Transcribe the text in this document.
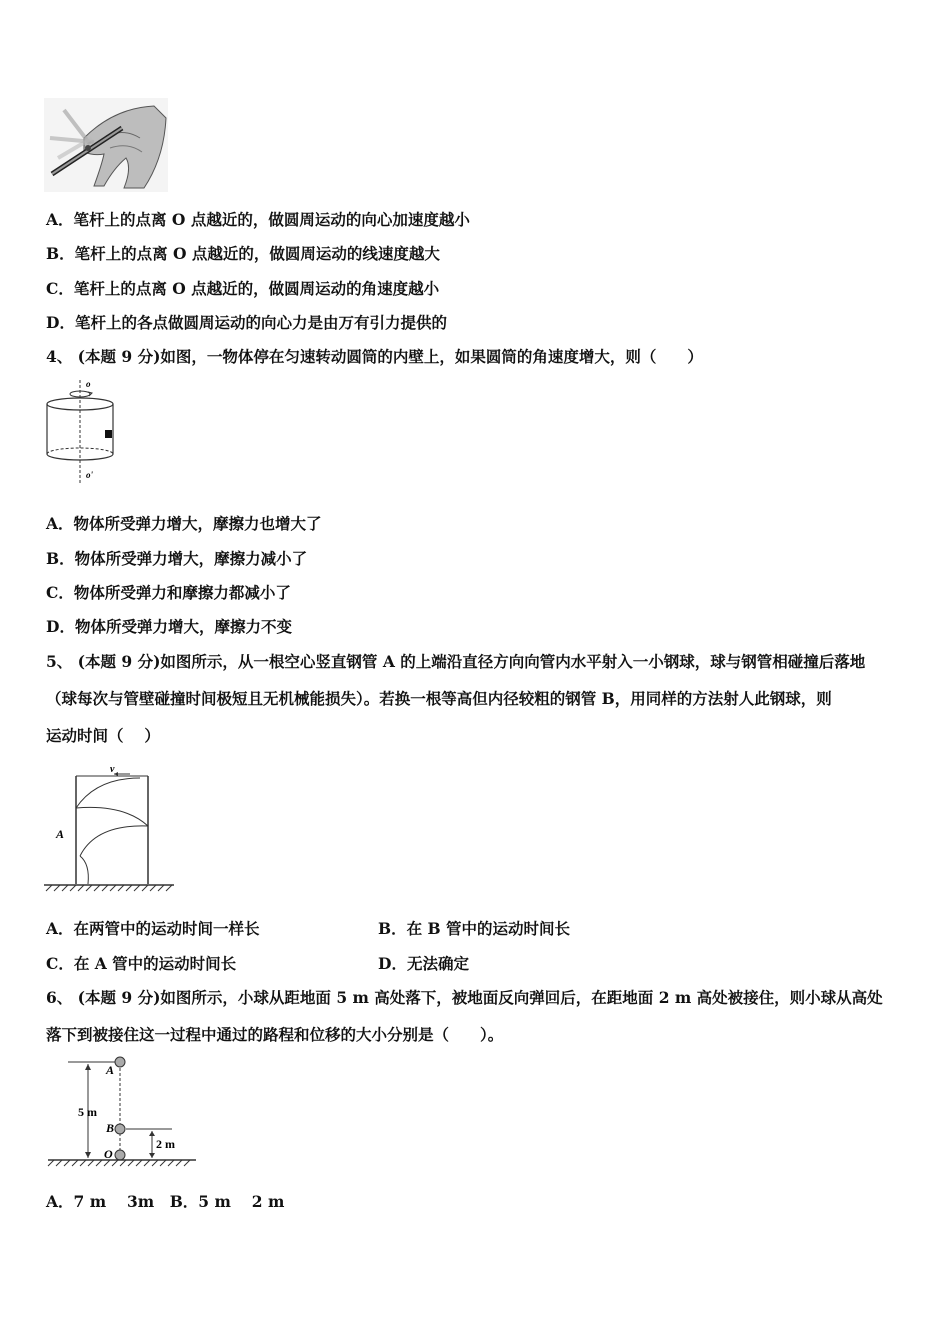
A．笔杆上的点离 O 点越近的，做圆周运动的向心加速度越小
B．笔杆上的点离 O 点越近的，做圆周运动的线速度越大
C．笔杆上的点离 O 点越近的，做圆周运动的角速度越小
D．笔杆上的各点做圆周运动的向心力是由万有引力提供的
4、 (本题 9 分)如图，一物体停在匀速转动圆筒的内壁上，如果圆筒的角速度增大，则（　　）
o
o'
A．物体所受弹力增大，摩擦力也增大了
B．物体所受弹力增大，摩擦力减小了
C．物体所受弹力和摩擦力都减小了
D．物体所受弹力增大，摩擦力不变
5、 (本题 9 分)如图所示，从一根空心竖直钢管 A 的上端沿直径方向向管内水平射入一小钢球，球与钢管相碰撞后落地
（球每次与管壁碰撞时间极短且无机械能损失）。若换一根等高但内径较粗的钢管 B，用同样的方法射人此钢球，则
运动时间（　 ）
v
A
A．在两管中的运动时间一样长	B．在 B 管中的运动时间长
C．在 A 管中的运动时间长	D．无法确定
6、 (本题 9 分)如图所示，小球从距地面 5 m 高处落下，被地面反向弹回后，在距地面 2 m 高处被接住，则小球从高处
落下到被接住这一过程中通过的路程和位移的大小分别是（　　）。
5 m
A
B
2 m
O
A．7 m　 3m　B．5 m　 2 m
